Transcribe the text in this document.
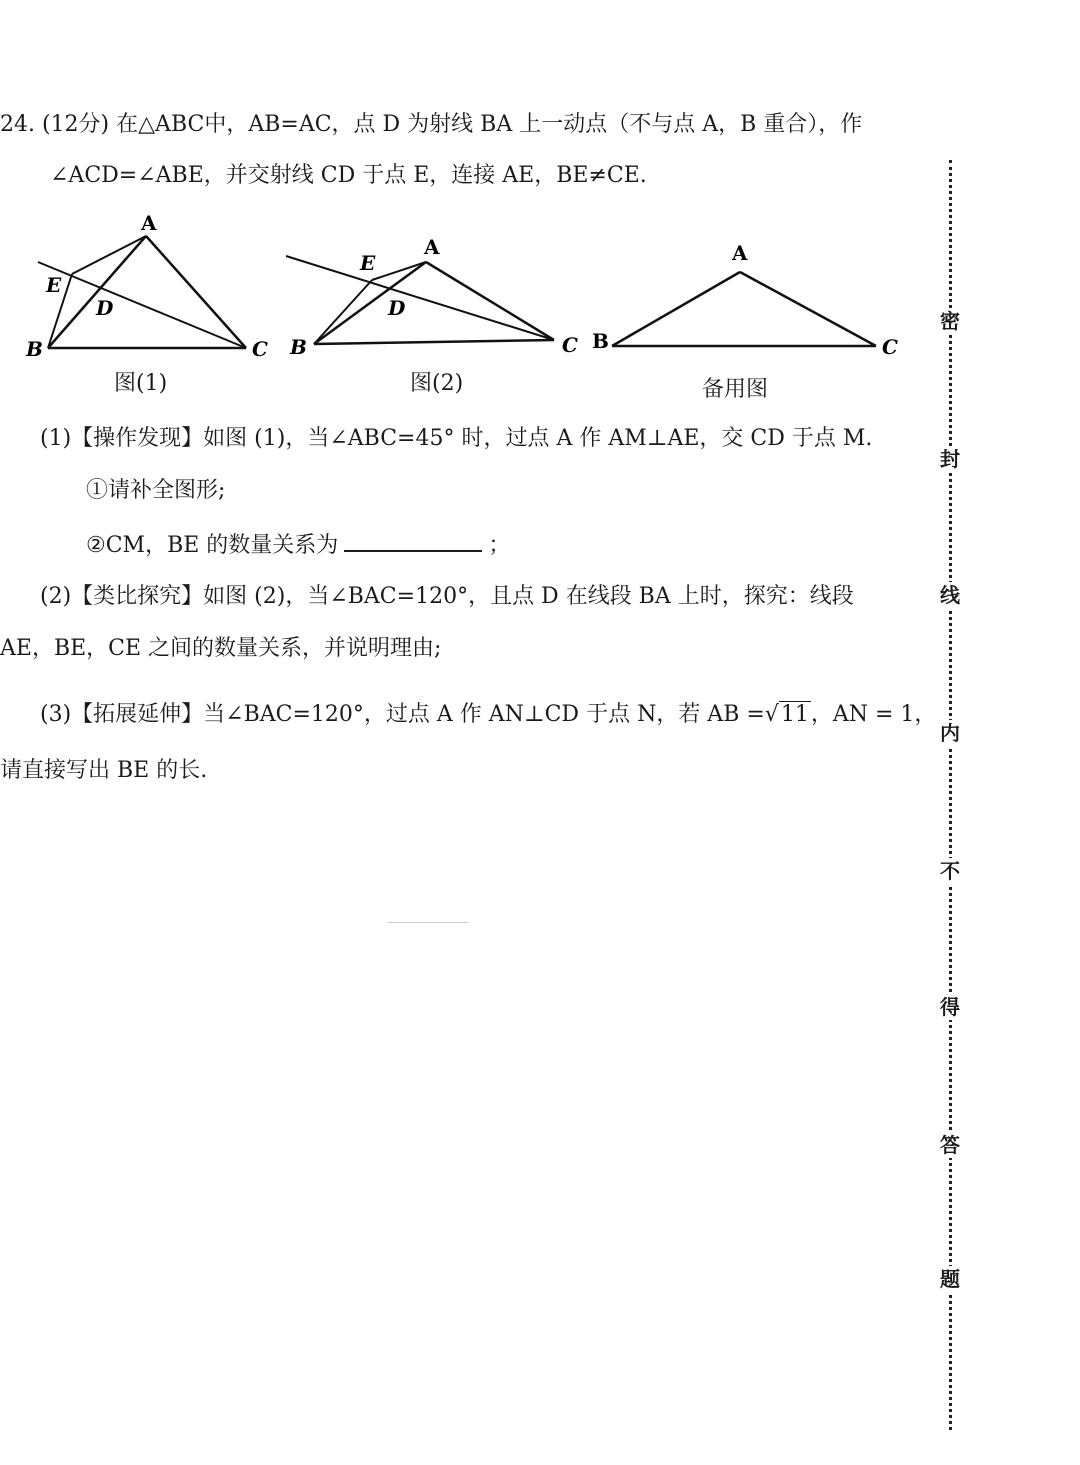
24. (12分) 在△ABC中，AB=AC，点 D 为射线 BA 上一动点（不与点 A，B 重合），作
∠ACD=∠ABE，并交射线 CD 于点 E，连接 AE，BE≠CE.
A
B	C
D
E
A
B	C
D
E	A
B	C
图(1)	图(2)	备用图
(1)【操作发现】如图 (1)，当∠ABC=45° 时，过点 A 作 AM⊥AE，交 CD 于点 M.
①请补全图形;
②CM，BE 的数量关系为	；
(2)【类比探究】如图 (2)，当∠BAC=120°，且点 D 在线段 BA 上时，探究：线段
AE，BE，CE 之间的数量关系，并说明理由;
(3)【拓展延伸】当∠BAC=120°，过点 A 作 AN⊥CD 于点 N，若 AB =√11，AN = 1，
请直接写出 BE 的长.
密
封
线
内
不
得
答
题
